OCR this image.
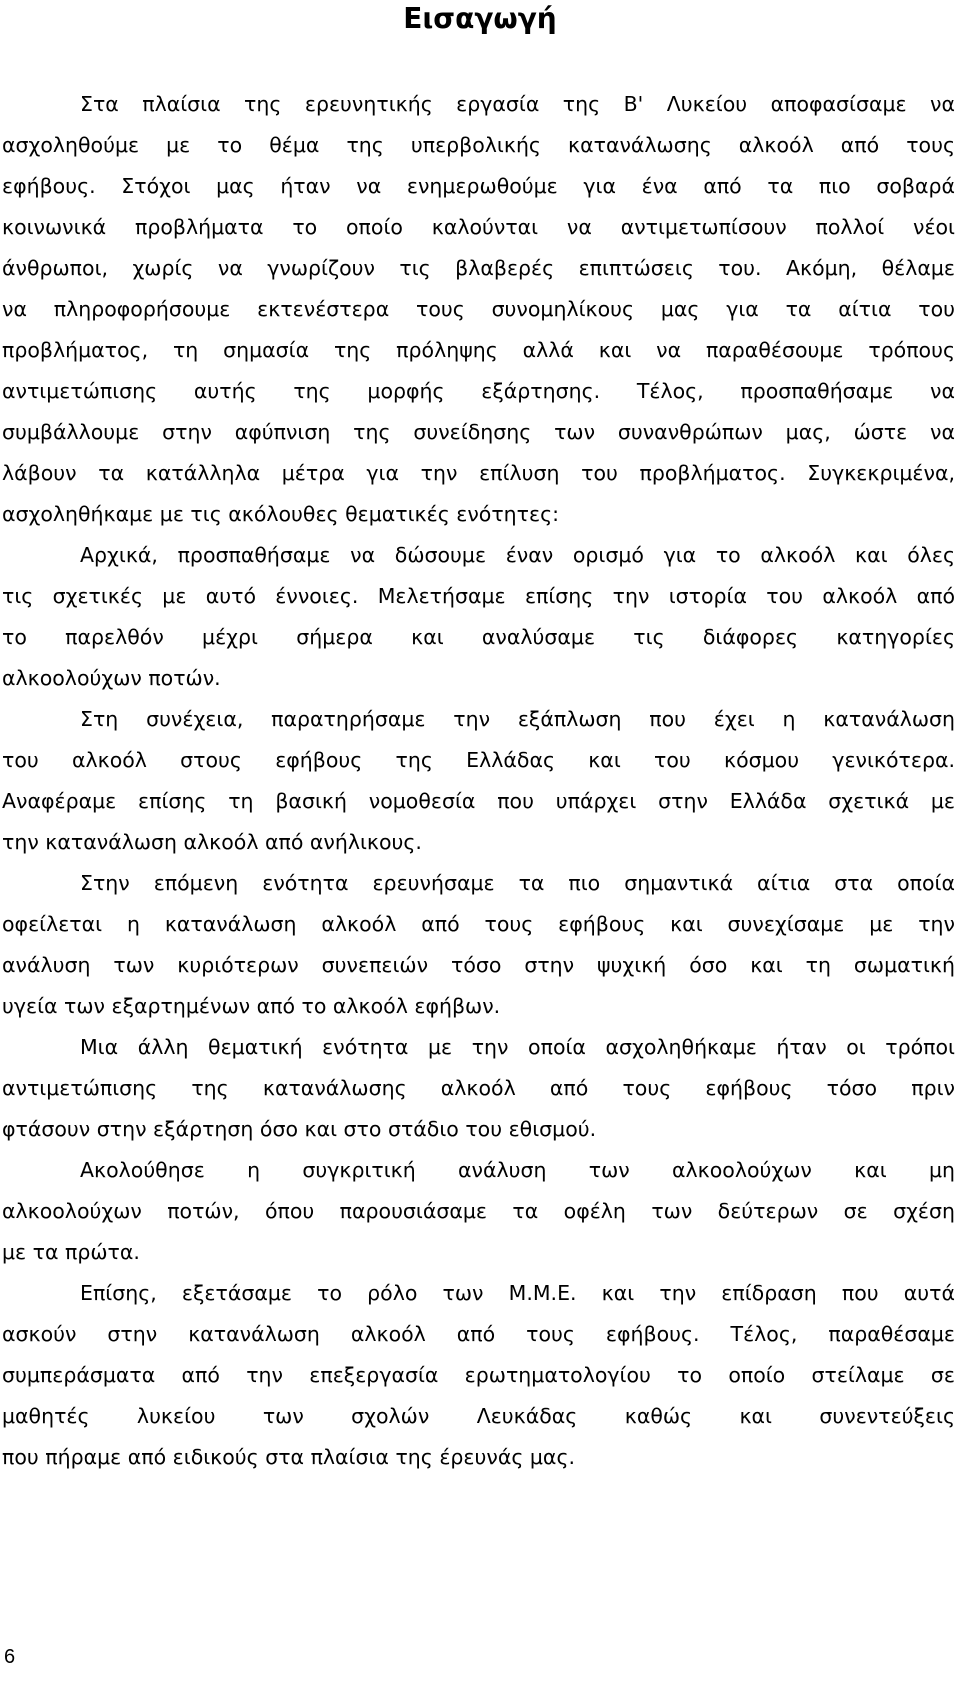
Εισαγωγή
Στα πλαίσια της ερευνητικής εργασία της Β' Λυκείου αποφασίσαμε να
ασχοληθούμε με το θέμα της υπερβολικής κατανάλωσης αλκοόλ από τους
εφήβους. Στόχοι μας ήταν να ενημερωθούμε για ένα από τα πιο σοβαρά
κοινωνικά προβλήματα το οποίο καλούνται να αντιμετωπίσουν πολλοί νέοι
άνθρωποι, χωρίς να γνωρίζουν τις βλαβερές επιπτώσεις του. Ακόμη, θέλαμε
να πληροφορήσουμε εκτενέστερα τους συνομηλίκους μας για τα αίτια του
προβλήματος, τη σημασία της πρόληψης αλλά και να παραθέσουμε τρόπους
αντιμετώπισης αυτής της μορφής εξάρτησης. Τέλος, προσπαθήσαμε να
συμβάλλουμε στην αφύπνιση της συνείδησης των συνανθρώπων μας, ώστε να
λάβουν τα κατάλληλα μέτρα για την επίλυση του προβλήματος. Συγκεκριμένα,
ασχοληθήκαμε με τις ακόλουθες θεματικές ενότητες:
Αρχικά, προσπαθήσαμε να δώσουμε έναν ορισμό για το αλκοόλ και όλες
τις σχετικές με αυτό έννοιες. Μελετήσαμε επίσης την ιστορία του αλκοόλ από
το παρελθόν μέχρι σήμερα και αναλύσαμε τις διάφορες κατηγορίες
αλκοολούχων ποτών.
Στη συνέχεια, παρατηρήσαμε την εξάπλωση που έχει η κατανάλωση
του αλκοόλ στους εφήβους της Ελλάδας και του κόσμου γενικότερα.
Αναφέραμε επίσης τη βασική νομοθεσία που υπάρχει στην Ελλάδα σχετικά με
την κατανάλωση αλκοόλ από ανήλικους.
Στην επόμενη ενότητα ερευνήσαμε τα πιο σημαντικά αίτια στα οποία
οφείλεται η κατανάλωση αλκοόλ από τους εφήβους και συνεχίσαμε με την
ανάλυση των κυριότερων συνεπειών τόσο στην ψυχική όσο και τη σωματική
υγεία των εξαρτημένων από το αλκοόλ εφήβων.
Μια άλλη θεματική ενότητα με την οποία ασχοληθήκαμε ήταν οι τρόποι
αντιμετώπισης της κατανάλωσης αλκοόλ από τους εφήβους τόσο πριν
φτάσουν στην εξάρτηση όσο και στο στάδιο του εθισμού.
Ακολούθησε η συγκριτική ανάλυση των αλκοολούχων και μη
αλκοολούχων ποτών, όπου παρουσιάσαμε τα οφέλη των δεύτερων σε σχέση
με τα πρώτα.
Επίσης, εξετάσαμε το ρόλο των Μ.Μ.Ε. και την επίδραση που αυτά
ασκούν στην κατανάλωση αλκοόλ από τους εφήβους. Τέλος, παραθέσαμε
συμπεράσματα από την επεξεργασία ερωτηματολογίου το οποίο στείλαμε σε
μαθητές λυκείου των σχολών Λευκάδας καθώς και συνεντεύξεις
που πήραμε από ειδικούς στα πλαίσια της έρευνάς μας.
6
